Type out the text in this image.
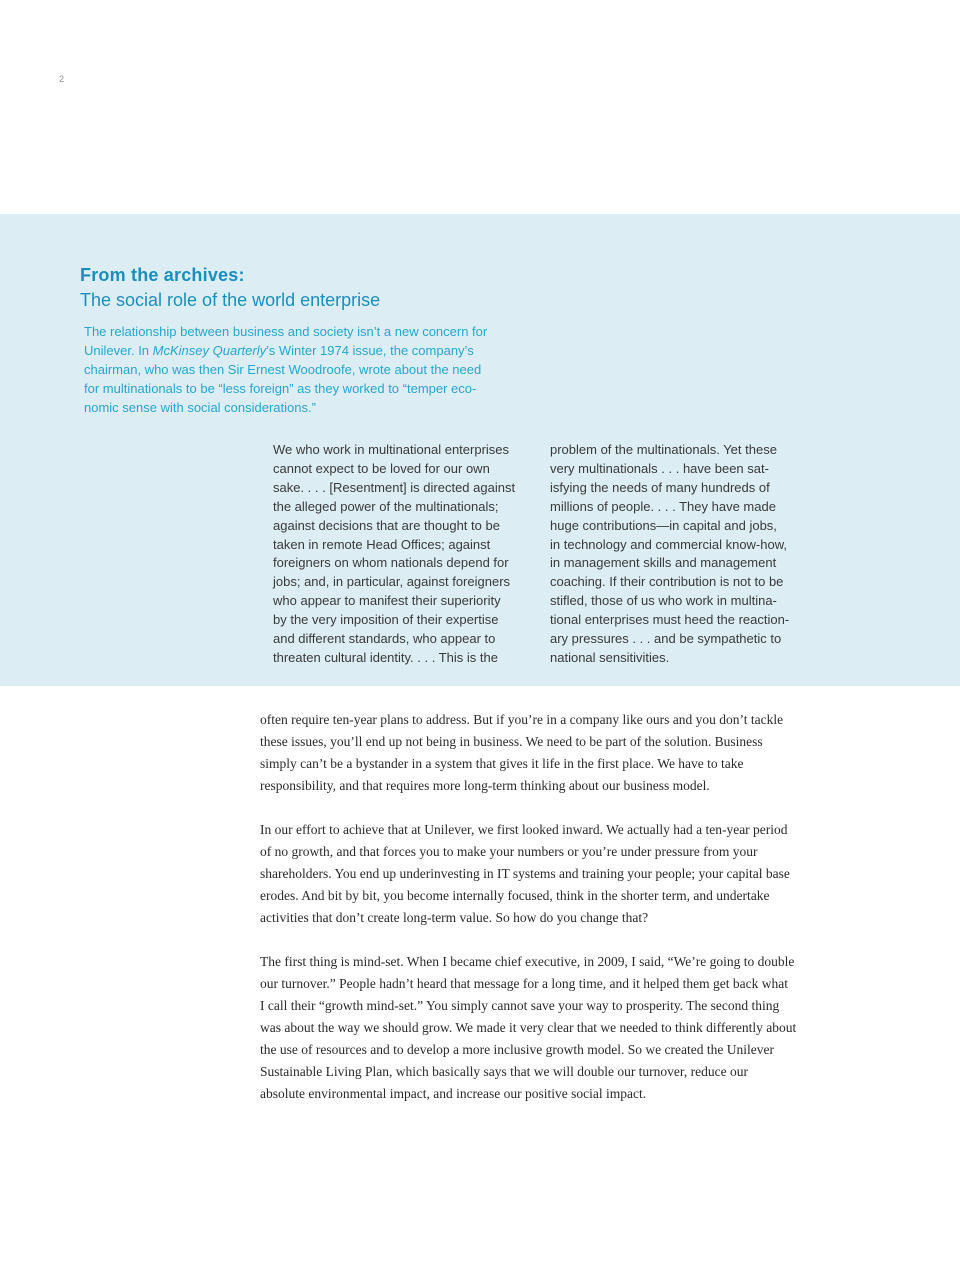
2
From the archives:
The social role of the world enterprise
The relationship between business and society isn’t a new concern for
Unilever. In McKinsey Quarterly’s Winter 1974 issue, the company’s
chairman, who was then Sir Ernest Woodroofe, wrote about the need
for multinationals to be “less foreign” as they worked to “temper eco-
nomic sense with social considerations.”
We who work in multinational enterprises
cannot expect to be loved for our own
sake. . . . [Resentment] is directed against
the alleged power of the multinationals;
against decisions that are thought to be
taken in remote Head Offices; against
foreigners on whom nationals depend for
jobs; and, in particular, against foreigners
who appear to manifest their superiority
by the very imposition of their expertise
and different standards, who appear to
threaten cultural identity. . . . This is the
problem of the multinationals. Yet these
very multinationals . . . have been sat-
isfying the needs of many hundreds of
millions of people. . . . They have made
huge contributions—in capital and jobs,
in technology and commercial know-how,
in management skills and management
coaching. If their contribution is not to be
stifled, those of us who work in multina-
tional enterprises must heed the reaction-
ary pressures . . . and be sympathetic to
national sensitivities.
often require ten-year plans to address. But if you’re in a company like ours and you don’t tackle
these issues, you’ll end up not being in business. We need to be part of the solution. Business
simply can’t be a bystander in a system that gives it life in the first place. We have to take
responsibility, and that requires more long-term thinking about our business model.
In our effort to achieve that at Unilever, we first looked inward. We actually had a ten-year period
of no growth, and that forces you to make your numbers or you’re under pressure from your
shareholders. You end up underinvesting in IT systems and training your people; your capital base
erodes. And bit by bit, you become internally focused, think in the shorter term, and undertake
activities that don’t create long-term value. So how do you change that?
The first thing is mind-set. When I became chief executive, in 2009, I said, “We’re going to double
our turnover.” People hadn’t heard that message for a long time, and it helped them get back what
I call their “growth mind-set.” You simply cannot save your way to prosperity. The second thing
was about the way we should grow. We made it very clear that we needed to think differently about
the use of resources and to develop a more inclusive growth model. So we created the Unilever
Sustainable Living Plan, which basically says that we will double our turnover, reduce our
absolute environmental impact, and increase our positive social impact.
